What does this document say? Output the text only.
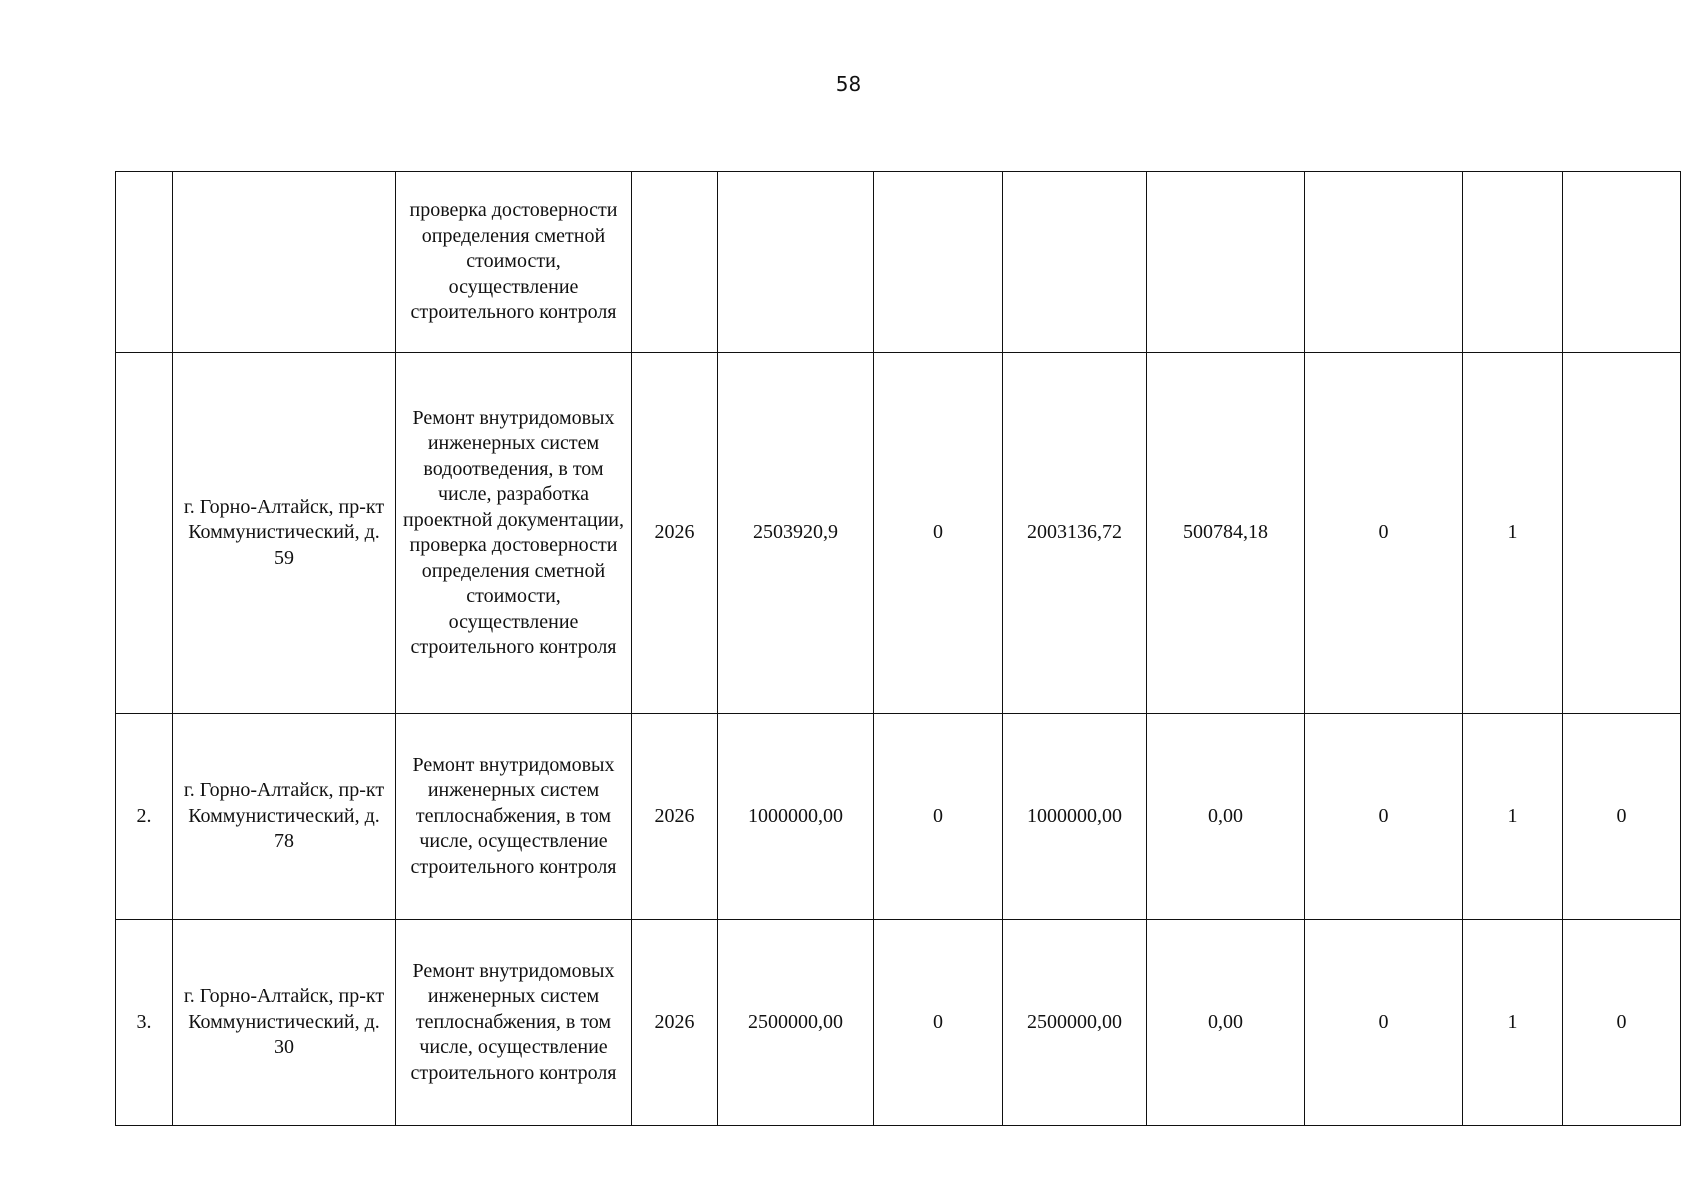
58
		проверка достоверности определения сметной стоимости, осуществление строительного контроля								
	г. Горно-Алтайск, пр-кт Коммунистический, д. 59	Ремонт внутридомовых инженерных систем водоотведения, в том числе, разработка проектной документации, проверка достоверности определения сметной стоимости, осуществление строительного контроля	2026	2503920,9	0	2003136,72	500784,18	0	1	
2.	г. Горно-Алтайск, пр-кт Коммунистический, д. 78	Ремонт внутридомовых инженерных систем теплоснабжения, в том числе, осуществление строительного контроля	2026	1000000,00	0	1000000,00	0,00	0	1	0
3.	г. Горно-Алтайск, пр-кт Коммунистический, д. 30	Ремонт внутридомовых инженерных систем теплоснабжения, в том числе, осуществление строительного контроля	2026	2500000,00	0	2500000,00	0,00	0	1	0
